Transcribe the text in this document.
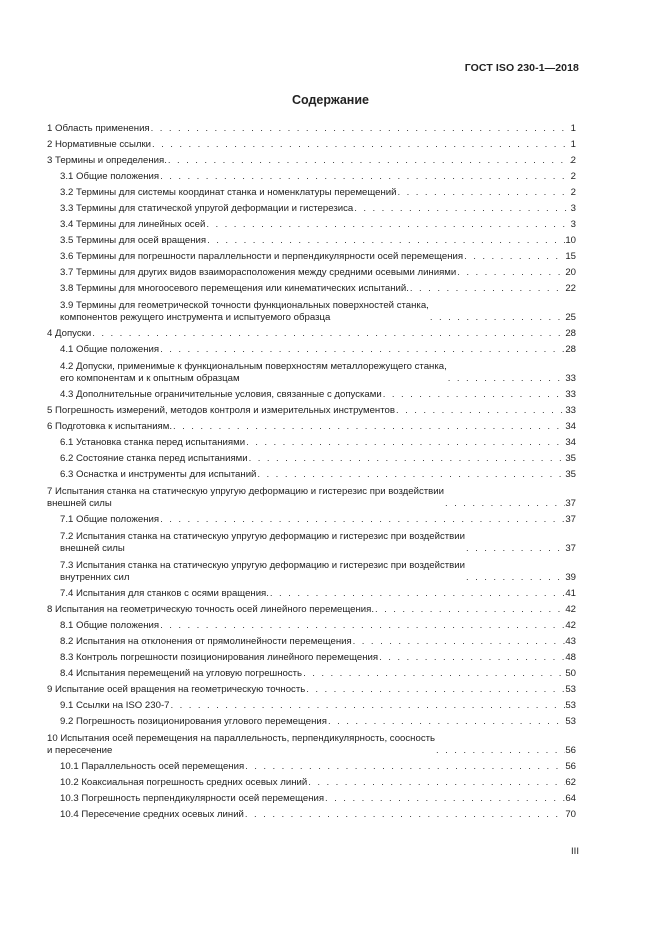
ГОСТ ISO 230-1—2018
Содержание
1 Область применения . . .	1
2 Нормативные ссылки . . .	1
3 Термины и определения. . . .	2
3.1 Общие положения . . .	2
3.2 Термины для системы координат станка и номенклатуры перемещений . . .	2
3.3 Термины для статической упругой деформации и гистерезиса . . .	3
3.4 Термины для линейных осей . . .	3
3.5 Термины для осей вращения . . .	10
3.6 Термины для погрешности параллельности и перпендикулярности осей перемещения . . .	15
3.7 Термины для других видов взаиморасположения между средними осевыми линиями . . .	20
3.8 Термины для многоосевого перемещения или кинематических испытаний. . . .	22
3.9 Термины для геометрической точности функциональных поверхностей станка,
компонентов режущего инструмента и испытуемого образца . . .	25
4 Допуски . . .	28
4.1 Общие положения . . .	28
4.2 Допуски, применимые к функциональным поверхностям металлорежущего станка,
его компонентам и к опытным образцам . . .	33
4.3 Дополнительные ограничительные условия, связанные с допусками . . .	33
5 Погрешность измерений, методов контроля и измерительных инструментов . . .	33
6 Подготовка к испытаниям. . . .	34
6.1 Установка станка перед испытаниями . . .	34
6.2 Состояние станка перед испытаниями . . .	35
6.3 Оснастка и инструменты для испытаний . . .	35
7 Испытания станка на статическую упругую деформацию и гистерезис при воздействии
внешней силы . . .	37
7.1 Общие положения . . .	37
7.2 Испытания станка на статическую упругую деформацию и гистерезис при воздействии
внешней силы . . .	37
7.3 Испытания станка на статическую упругую деформацию и гистерезис при воздействии
внутренних сил . . .	39
7.4 Испытания для станков с осями вращения. . . .	41
8 Испытания на геометрическую точность осей линейного перемещения. . . .	42
8.1 Общие положения . . .	42
8.2 Испытания на отклонения от прямолинейности перемещения . . .	43
8.3 Контроль погрешности позиционирования линейного перемещения . . .	48
8.4 Испытания перемещений на угловую погрешность . . .	50
9 Испытание осей вращения на геометрическую точность . . .	53
9.1 Ссылки на ISO 230-7 . . .	53
9.2 Погрешность позиционирования углового перемещения . . .	53
10 Испытания осей перемещения на параллельность, перпендикулярность, соосность
и пересечение . . .	56
10.1 Параллельность осей перемещения . . .	56
10.2 Коаксиальная погрешность средних осевых линий . . .	62
10.3 Погрешность перпендикулярности осей перемещения . . .	64
10.4 Пересечение средних осевых линий . . .	70
III
